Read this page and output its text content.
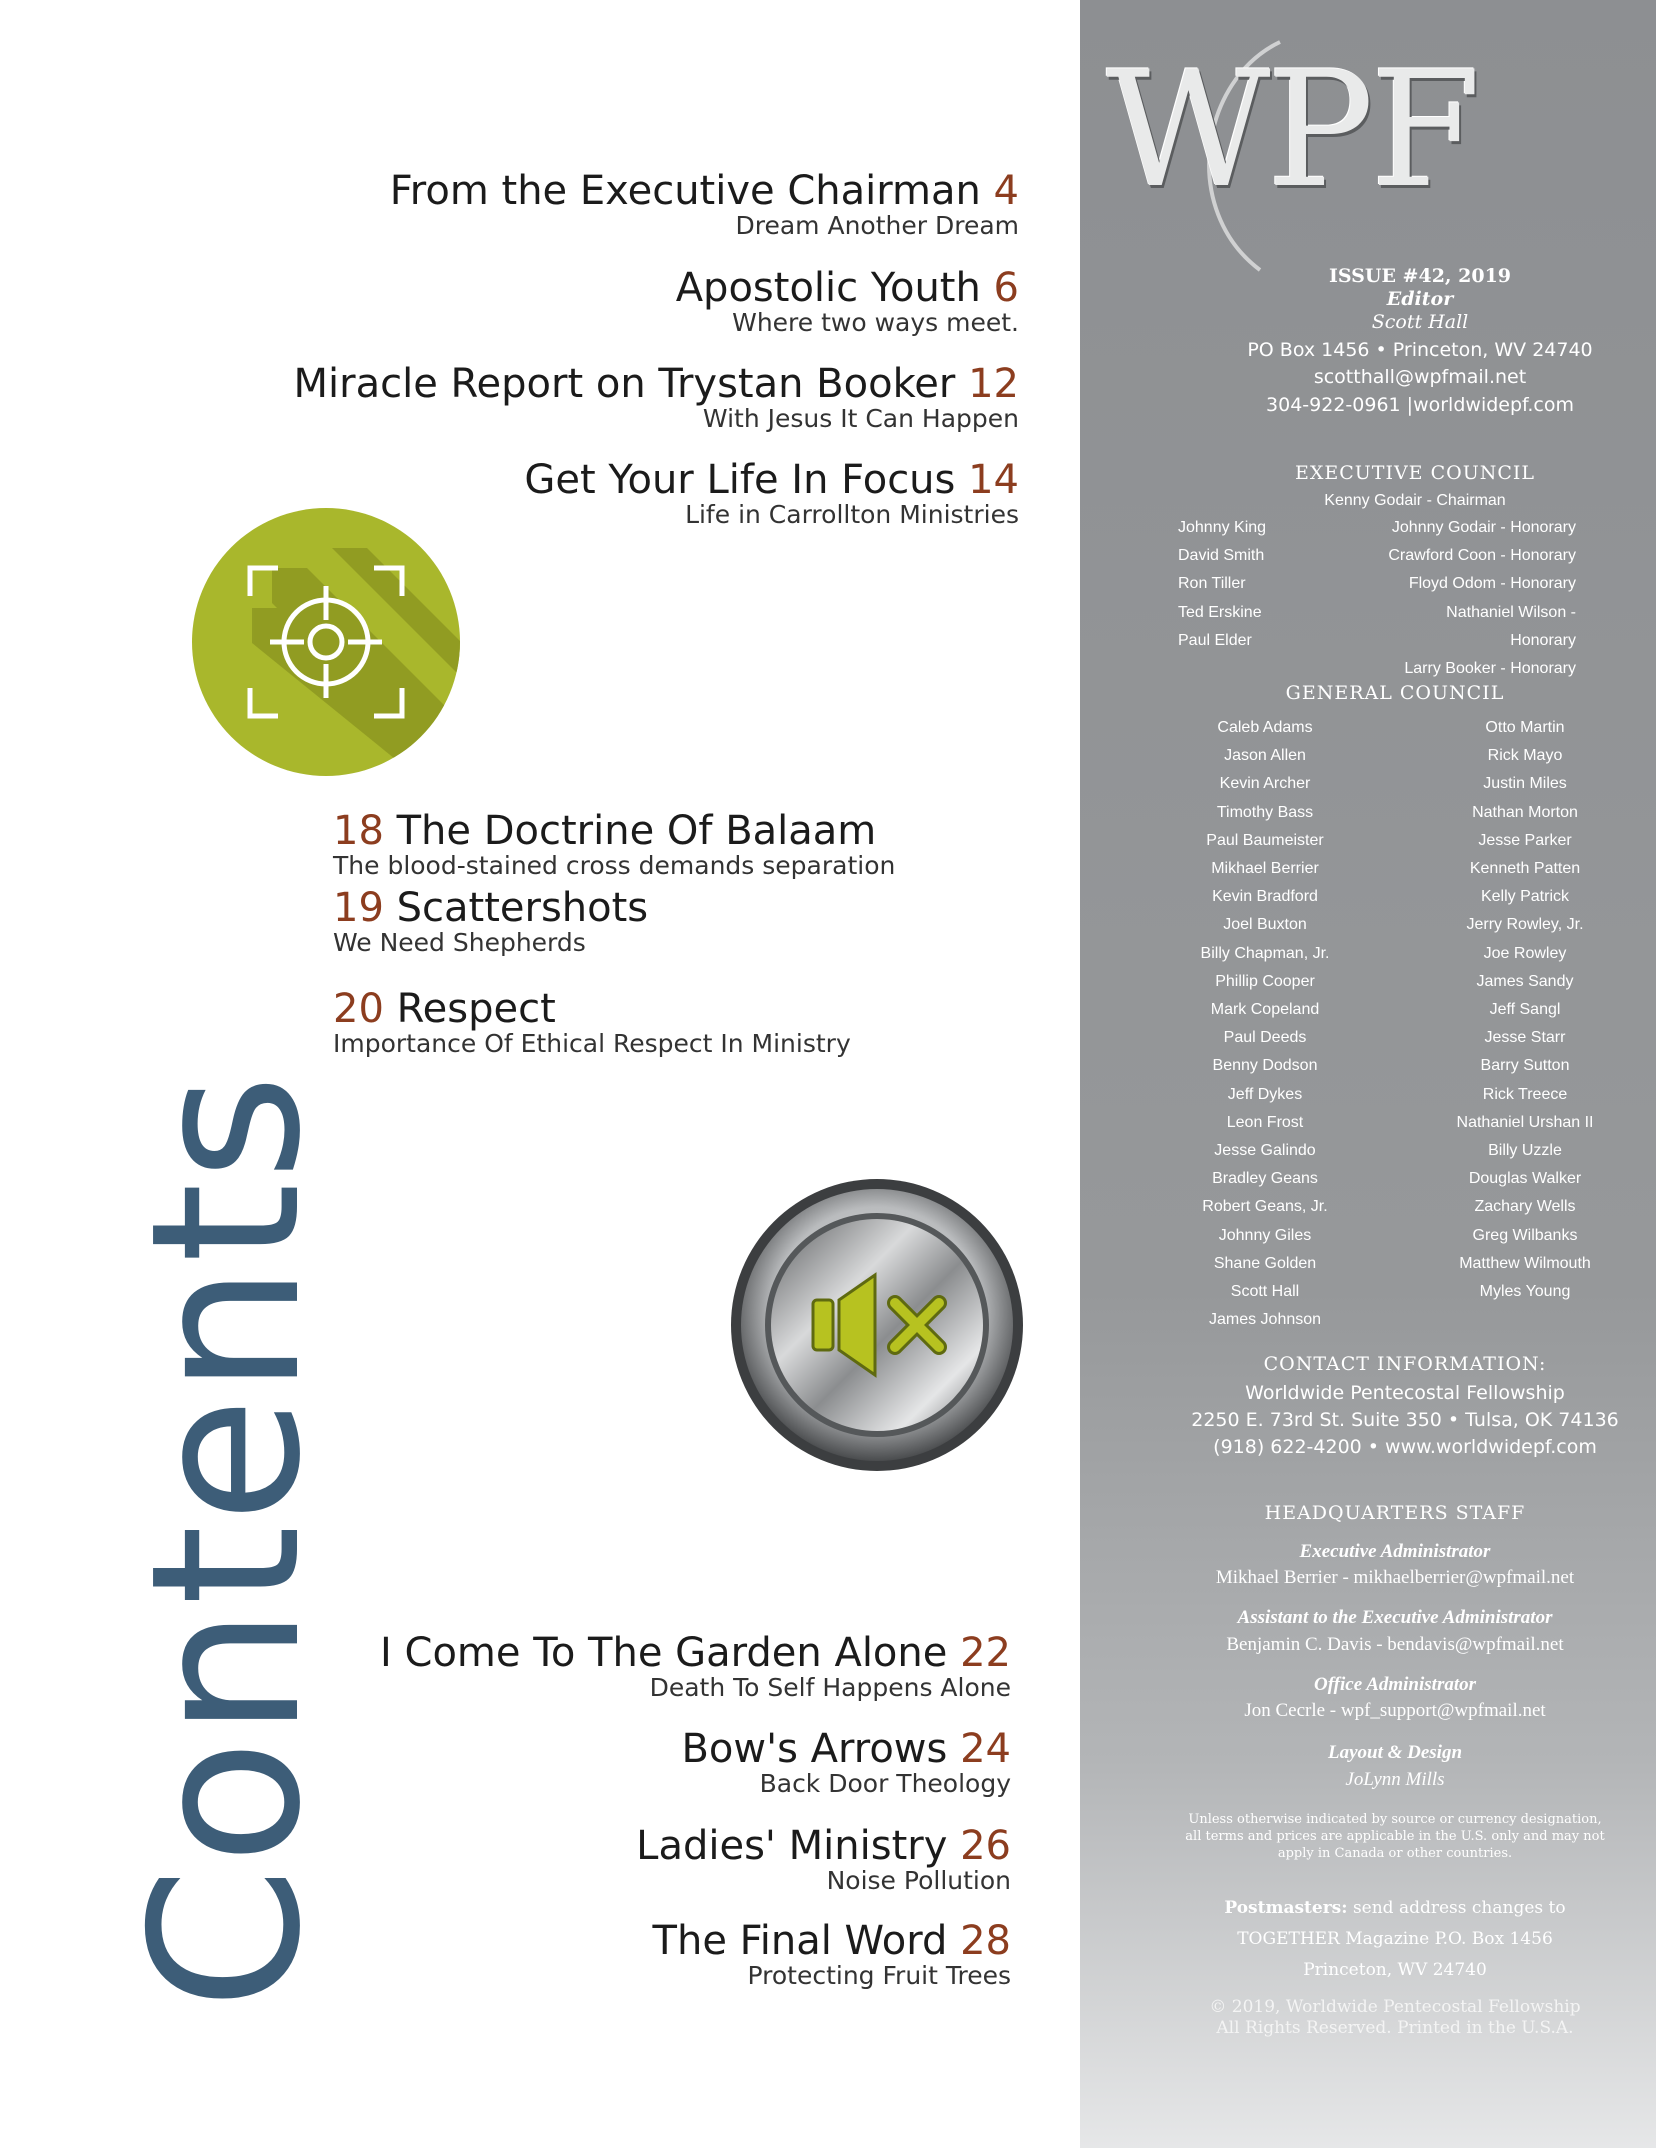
Contents
From the Executive Chairman 4
Dream Another Dream
Apostolic Youth 6
Where two ways meet.
Miracle Report on Trystan Booker 12
With Jesus It Can Happen
Get Your Life In Focus 14
Life in Carrollton Ministries
18 The Doctrine Of Balaam
The blood-stained cross demands separation
19 Scattershots
We Need Shepherds
20 Respect
Importance Of Ethical Respect In Ministry
I Come To The Garden Alone 22
Death To Self Happens Alone
Bow's Arrows 24
Back Door Theology
Ladies' Ministry 26
Noise Pollution
The Final Word 28
Protecting Fruit Trees
WPF
ISSUE #42, 2019
Editor
Scott Hall
PO Box 1456 • Princeton, WV 24740
scotthall@wpfmail.net
304-922-0961 |worldwidepf.com
EXECUTIVE COUNCIL
Kenny Godair - Chairman
Johnny King
David Smith
Ron Tiller
Ted Erskine
Paul Elder
Johnny Godair - Honorary
Crawford Coon - Honorary
Floyd Odom - Honorary
Nathaniel Wilson - Honorary
Larry Booker - Honorary
GENERAL COUNCIL
Caleb Adams
Jason Allen
Kevin Archer
Timothy Bass
Paul Baumeister
Mikhael Berrier
Kevin Bradford
Joel Buxton
Billy Chapman, Jr.
Phillip Cooper
Mark Copeland
Paul Deeds
Benny Dodson
Jeff Dykes
Leon Frost
Jesse Galindo
Bradley Geans
Robert Geans, Jr.
Johnny Giles
Shane Golden
Scott Hall
James Johnson
Otto Martin
Rick Mayo
Justin Miles
Nathan Morton
Jesse Parker
Kenneth Patten
Kelly Patrick
Jerry Rowley, Jr.
Joe Rowley
James Sandy
Jeff Sangl
Jesse Starr
Barry Sutton
Rick Treece
Nathaniel Urshan II
Billy Uzzle
Douglas Walker
Zachary Wells
Greg Wilbanks
Matthew Wilmouth
Myles Young
CONTACT INFORMATION:
Worldwide Pentecostal Fellowship
2250 E. 73rd St. Suite 350 • Tulsa, OK 74136
(918) 622-4200 • www.worldwidepf.com
HEADQUARTERS STAFF
Executive Administrator
Mikhael Berrier - mikhaelberrier@wpfmail.net
Assistant to the Executive Administrator
Benjamin C. Davis - bendavis@wpfmail.net
Office Administrator
Jon Cecrle - wpf_support@wpfmail.net
Layout & Design
JoLynn Mills
Unless otherwise indicated by source or currency designation,
all terms and prices are applicable in the U.S. only and may not
apply in Canada or other countries.
Postmasters: send address changes to
TOGETHER Magazine P.O. Box 1456
Princeton, WV 24740
© 2019, Worldwide Pentecostal Fellowship
All Rights Reserved. Printed in the U.S.A.
